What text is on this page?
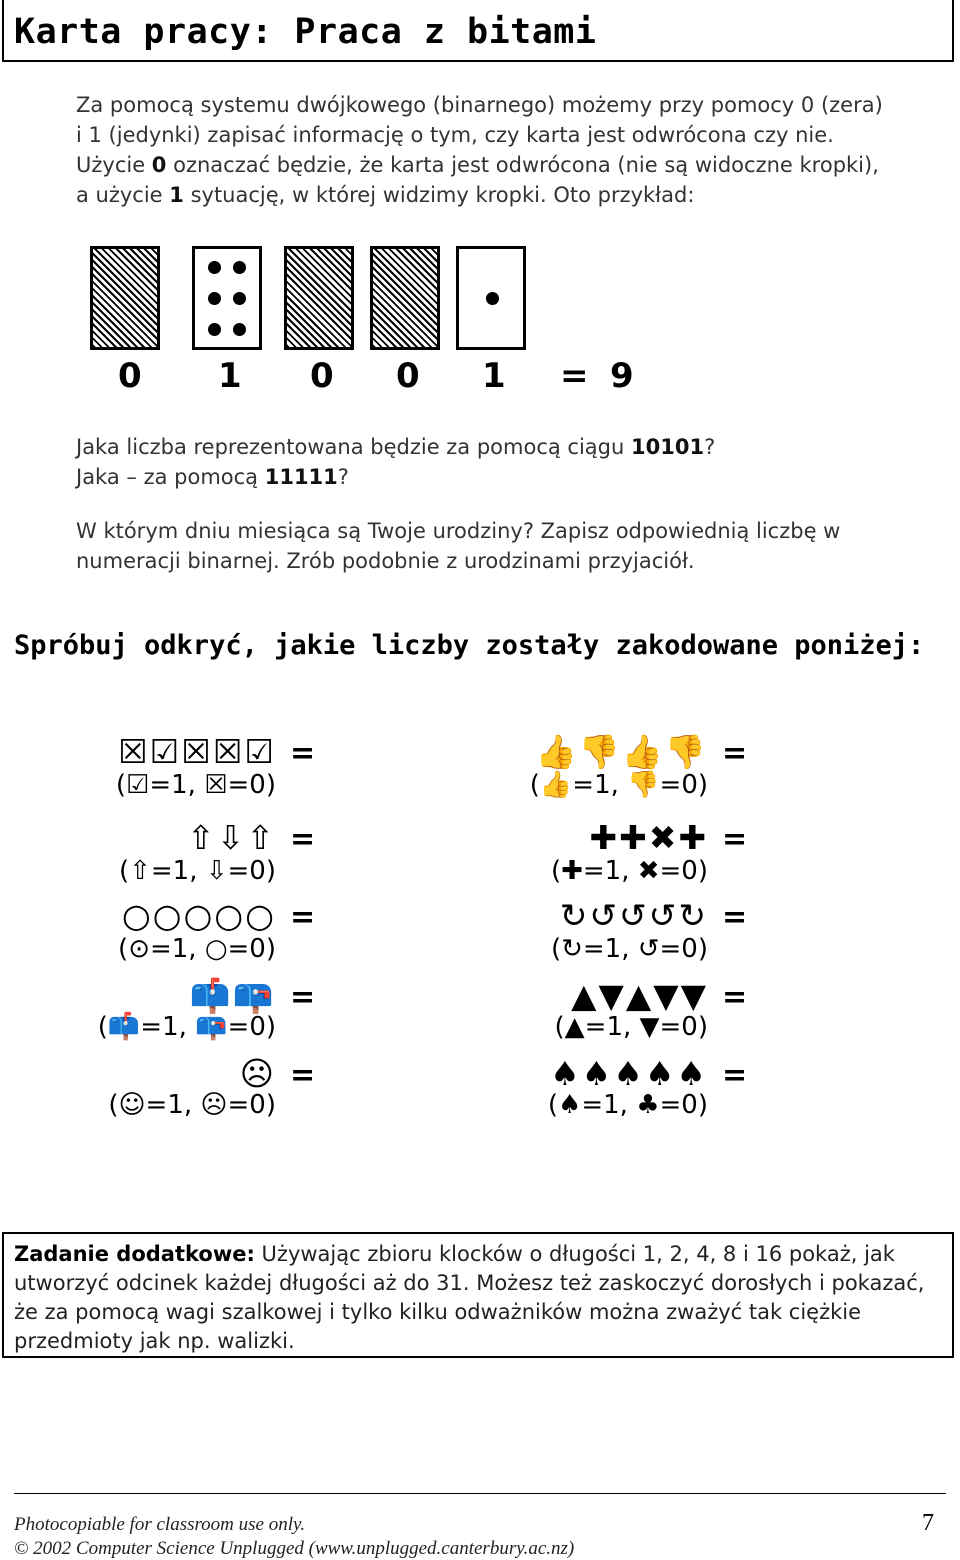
Karta pracy: Praca z bitami
Za pomocą systemu dwójkowego (binarnego) możemy przy pomocy 0 (zera)
i 1 (jedynki) zapisać informację o tym, czy karta jest odwrócona czy nie.
Użycie 0 oznaczać będzie, że karta jest odwrócona (nie są widoczne kropki),
a użycie 1 sytuację, w której widzimy kropki. Oto przykład:
0 1 0 0 1 = 9
Jaka liczba reprezentowana będzie za pomocą ciągu 10101?
Jaka – za pomocą 11111?
W którym dniu miesiąca są Twoje urodziny? Zapisz odpowiednią liczbę w
numeracji binarnej. Zrób podobnie z urodzinami przyjaciół.
Spróbuj odkryć, jakie liczby zostały zakodowane poniżej:
☒☑☒☒☑ =
(☑=1, ☒=0)
⇧⇩⇧ =
(⇧=1, ⇩=0)
○○○○○ =
(⊙=1, ○=0)
📫📪 =
(📫=1, 📪=0)
☹ =
(☺=1, ☹=0)
👍👎👍👎 =
(👍=1, 👎=0)
✚✚✖✚ =
(✚=1, ✖=0)
↻↺↺↺↻ =
(↻=1, ↺=0)
▲▼▲▼▼ =
(▲=1, ▼=0)
♠♠♠♠♠ =
(♠=1, ♣=0)
Zadanie dodatkowe: Używając zbioru klocków o długości 1, 2, 4, 8 i 16 pokaż, jak
utworzyć odcinek każdej długości aż do 31. Możesz też zaskoczyć dorosłych i pokazać,
że za pomocą wagi szalkowej i tylko kilku odważników można zważyć tak ciężkie
przedmioty jak np. walizki.
Photocopiable for classroom use only.
© 2002 Computer Science Unplugged (www.unplugged.canterbury.ac.nz)
7
